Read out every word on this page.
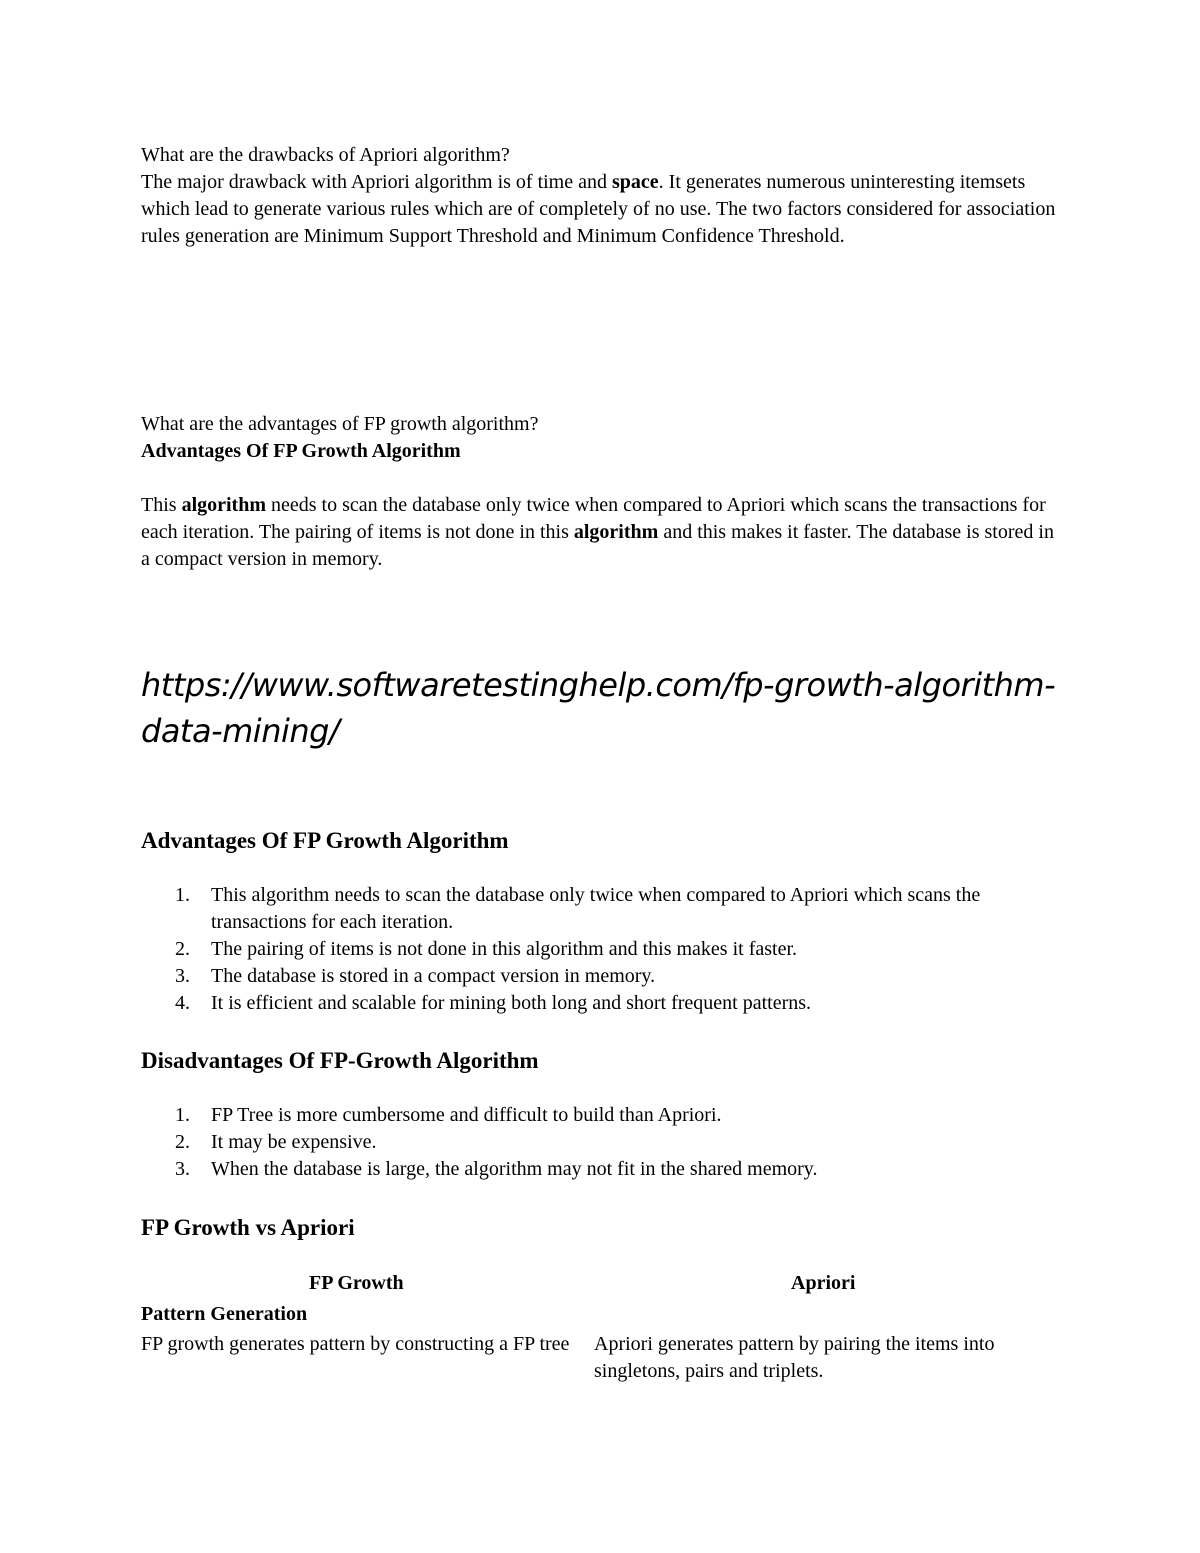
What are the drawbacks of Apriori algorithm?

The major drawback with Apriori algorithm is of time and space. It generates numerous uninteresting itemsets which lead to generate various rules which are of completely of no use. The two factors considered for association rules generation are Minimum Support Threshold and Minimum Confidence Threshold.

What are the advantages of FP growth algorithm?

Advantages Of FP Growth Algorithm

This algorithm needs to scan the database only twice when compared to Apriori which scans the transactions for each iteration. The pairing of items is not done in this algorithm and this makes it faster. The database is stored in a compact version in memory.

https://www.softwaretestinghelp.com/fp-growth-algorithm-

data-mining/

Advantages Of FP Growth Algorithm

1. This algorithm needs to scan the database only twice when compared to Apriori which scans the transactions for each iteration.
2. The pairing of items is not done in this algorithm and this makes it faster.
3. The database is stored in a compact version in memory.
4. It is efficient and scalable for mining both long and short frequent patterns.

Disadvantages Of FP-Growth Algorithm

1. FP Tree is more cumbersome and difficult to build than Apriori.
2. It may be expensive.
3. When the database is large, the algorithm may not fit in the shared memory.

FP Growth vs Apriori

FP Growth	Apriori
Pattern Generation
FP growth generates pattern by constructing a FP tree	Apriori generates pattern by pairing the items into singletons, pairs and triplets.
